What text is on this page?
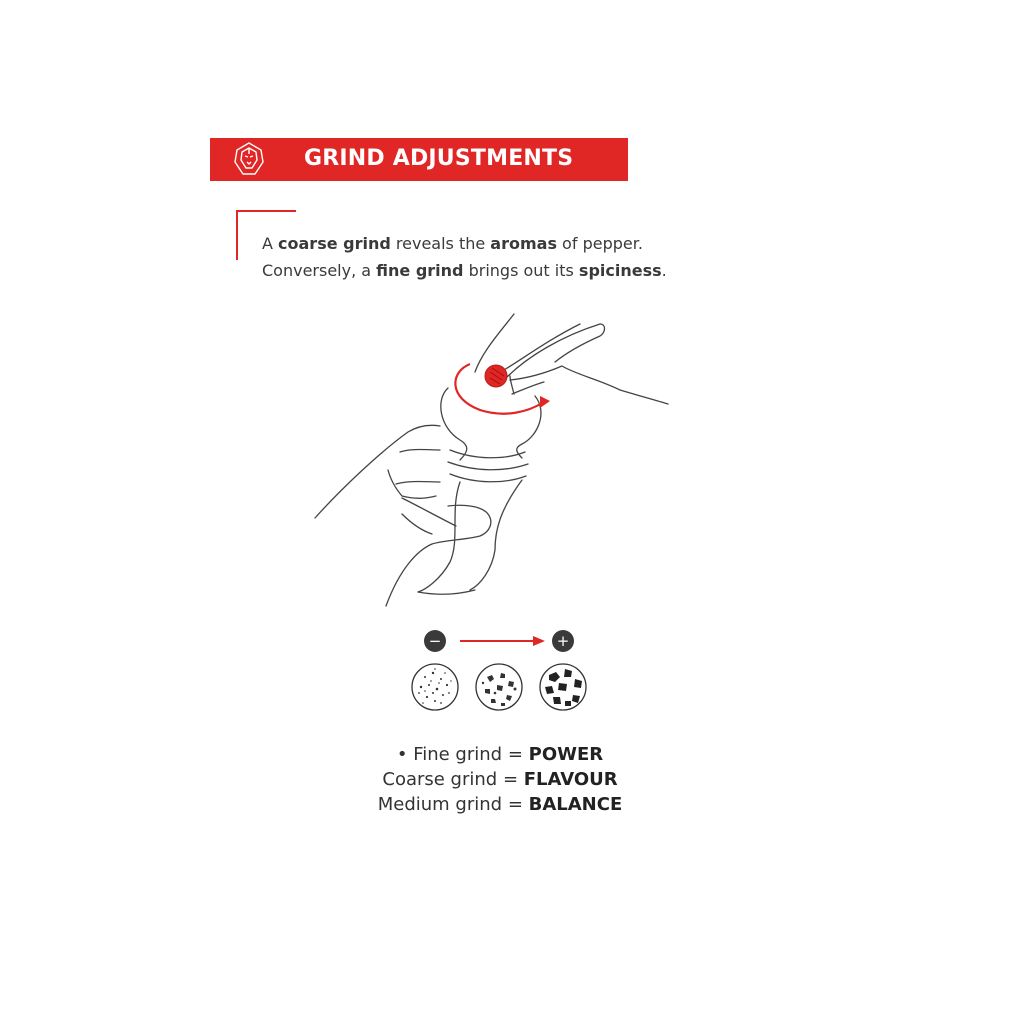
GRIND ADJUSTMENTS
A coarse grind reveals the aromas of pepper.
Conversely, a fine grind brings out its spiciness.
−	+
• Fine grind = POWER
Coarse grind = FLAVOUR
Medium grind = BALANCE
